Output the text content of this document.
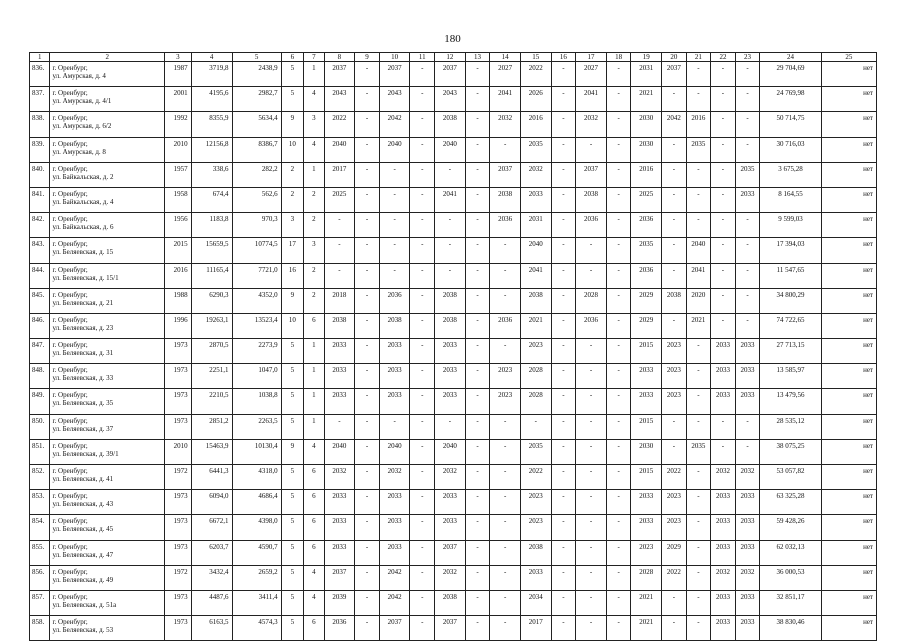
180
1	2	3	4	5	6	7	8	9	10	11	12	13	14	15	16	17	18	19	20	21	22	23	24	25
836.	г. Оренбург,
ул. Амурская, д. 4	1987	3719,8	2438,9	5	1	2037	-	2037	-	2037	-	2027	2022	-	2027	-	2031	2037	-	-	-	29 704,69	нет
837.	г. Оренбург,
ул. Амурская, д. 4/1	2001	4195,6	2982,7	5	4	2043	-	2043	-	2043	-	2041	2026	-	2041	-	2021	-	-	-	-	24 769,98	нет
838.	г. Оренбург,
ул. Амурская, д. 6/2	1992	8355,9	5634,4	9	3	2022	-	2042	-	2038	-	2032	2016	-	2032	-	2030	2042	2016	-	-	50 714,75	нет
839.	г. Оренбург,
ул. Амурская, д. 8	2010	12156,8	8386,7	10	4	2040	-	2040	-	2040	-	-	2035	-	-	-	2030	-	2035	-	-	30 716,03	нет
840.	г. Оренбург,
ул. Байкальская, д. 2	1957	338,6	282,2	2	1	2017	-	-	-	-	-	2037	2032	-	2037	-	2016	-	-	-	2035	3 675,28	нет
841.	г. Оренбург,
ул. Байкальская, д. 4	1958	674,4	562,6	2	2	2025	-	-	-	2041	-	2038	2033	-	2038	-	2025	-	-	-	2033	8 164,55	нет
842.	г. Оренбург,
ул. Байкальская, д. 6	1956	1183,8	970,3	3	2	-	-	-	-	-	-	2036	2031	-	2036	-	2036	-	-	-	-	9 599,03	нет
843.	г. Оренбург,
ул. Беляевская, д. 15	2015	15659,5	10774,5	17	3	-	-	-	-	-	-	-	2040	-	-	-	2035	-	2040	-	-	17 394,03	нет
844.	г. Оренбург,
ул. Беляевская, д. 15/1	2016	11165,4	7721,0	16	2	-	-	-	-	-	-	-	2041	-	-	-	2036	-	2041	-	-	11 547,65	нет
845.	г. Оренбург,
ул. Беляевская, д. 21	1988	6290,3	4352,0	9	2	2018	-	2036	-	2038	-	-	2038	-	2028	-	2029	2038	2020	-	-	34 800,29	нет
846.	г. Оренбург,
ул. Беляевская, д. 23	1996	19263,1	13523,4	10	6	2038	-	2038	-	2038	-	2036	2021	-	2036	-	2029	-	2021	-	-	74 722,65	нет
847.	г. Оренбург,
ул. Беляевская, д. 31	1973	2870,5	2273,9	5	1	2033	-	2033	-	2033	-	-	2023	-	-	-	2015	2023	-	2033	2033	27 713,15	нет
848.	г. Оренбург,
ул. Беляевская, д. 33	1973	2251,1	1047,0	5	1	2033	-	2033	-	2033	-	2023	2028	-	-	-	2033	2023	-	2033	2033	13 585,97	нет
849.	г. Оренбург,
ул. Беляевская, д. 35	1973	2210,5	1038,8	5	1	2033	-	2033	-	2033	-	2023	2028	-	-	-	2033	2023	-	2033	2033	13 479,56	нет
850.	г. Оренбург,
ул. Беляевская, д. 37	1973	2851,2	2263,5	5	1	-	-	-	-	-	-	-	-	-	-	-	2015	-	-	-	-	28 535,12	нет
851.	г. Оренбург,
ул. Беляевская, д. 39/1	2010	15463,9	10130,4	9	4	2040	-	2040	-	2040	-	-	2035	-	-	-	2030	-	2035	-	-	38 075,25	нет
852.	г. Оренбург,
ул. Беляевская, д. 41	1972	6441,3	4318,0	5	6	2032	-	2032	-	2032	-	-	2022	-	-	-	2015	2022	-	2032	2032	53 057,82	нет
853.	г. Оренбург,
ул. Беляевская, д. 43	1973	6094,0	4686,4	5	6	2033	-	2033	-	2033	-	-	2023	-	-	-	2033	2023	-	2033	2033	63 325,28	нет
854.	г. Оренбург,
ул. Беляевская, д. 45	1973	6672,1	4398,0	5	6	2033	-	2033	-	2033	-	-	2023	-	-	-	2033	2023	-	2033	2033	59 428,26	нет
855.	г. Оренбург,
ул. Беляевская, д. 47	1973	6203,7	4590,7	5	6	2033	-	2033	-	2037	-	-	2038	-	-	-	2023	2029	-	2033	2033	62 032,13	нет
856.	г. Оренбург,
ул. Беляевская, д. 49	1972	3432,4	2659,2	5	4	2037	-	2042	-	2032	-	-	2033	-	-	-	2028	2022	-	2032	2032	36 000,53	нет
857.	г. Оренбург,
ул. Беляевская, д. 51а	1973	4487,6	3411,4	5	4	2039	-	2042	-	2038	-	-	2034	-	-	-	2021	-	-	2033	2033	32 851,17	нет
858.	г. Оренбург,
ул. Беляевская, д. 53	1973	6163,5	4574,3	5	6	2036	-	2037	-	2037	-	-	2017	-	-	-	2021	-	-	2033	2033	38 830,46	нет
